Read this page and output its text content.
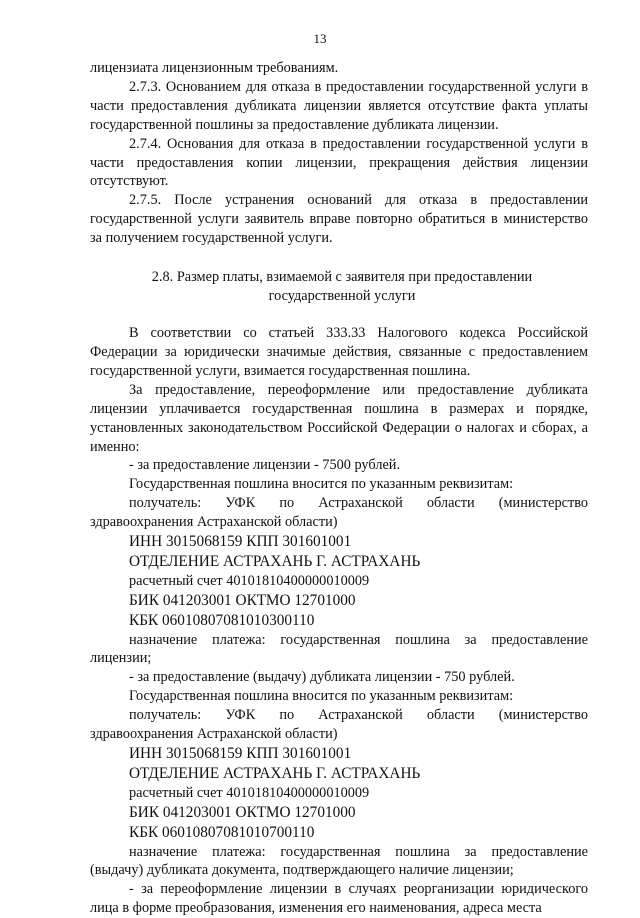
13

лицензиата лицензионным требованиям.

2.7.3. Основанием для отказа в предоставлении государственной услуги в части предоставления дубликата лицензии является отсутствие факта уплаты государственной пошлины за предоставление дубликата лицензии.

2.7.4. Основания для отказа в предоставлении государственной услуги в части предоставления копии лицензии, прекращения действия лицензии отсутствуют.

2.7.5. После устранения оснований для отказа в предоставлении государственной услуги заявитель вправе повторно обратиться в министерство за получением государственной услуги.

2.8. Размер платы, взимаемой с заявителя при предоставлении
государственной услуги

В соответствии со статьей 333.33 Налогового кодекса Российской Федерации за юридически значимые действия, связанные с предоставлением государственной услуги, взимается государственная пошлина.

За предоставление, переоформление или предоставление дубликата лицензии уплачивается государственная пошлина в размерах и порядке, установленных законодательством Российской Федерации о налогах и сборах, а именно:

- за предоставление лицензии - 7500 рублей.

Государственная пошлина вносится по указанным реквизитам:

получатель: УФК по Астраханской области (министерство здравоохранения Астраханской области)

ИНН 3015068159 КПП 301601001

ОТДЕЛЕНИЕ АСТРАХАНЬ Г. АСТРАХАНЬ

расчетный счет 40101810400000010009

БИК 041203001 ОКТМО 12701000

КБК 06010807081010300110

назначение платежа: государственная пошлина за предоставление лицензии;

- за предоставление (выдачу) дубликата лицензии - 750 рублей.

Государственная пошлина вносится по указанным реквизитам:

получатель: УФК по Астраханской области (министерство здравоохранения Астраханской области)

ИНН 3015068159 КПП 301601001

ОТДЕЛЕНИЕ АСТРАХАНЬ Г. АСТРАХАНЬ

расчетный счет 40101810400000010009

БИК 041203001 ОКТМО 12701000

КБК 06010807081010700110

назначение платежа: государственная пошлина за предоставление (выдачу) дубликата документа, подтверждающего наличие лицензии;

- за переоформление лицензии в случаях реорганизации юридического лица в форме преобразования, изменения его наименования, адреса места
